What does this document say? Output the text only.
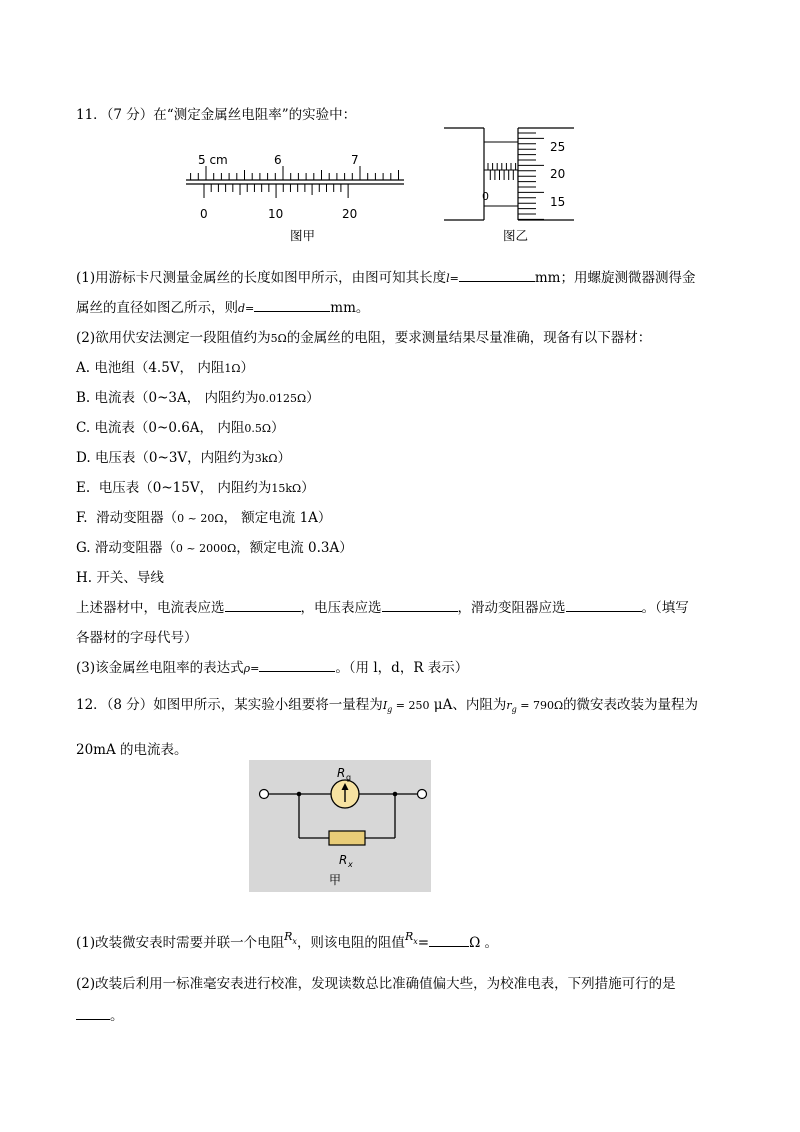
11．（7 分）在“测定金属丝电阻率”的实验中：
5 cm	6	7
0	10	20
图甲
0
25
20
15
图乙
(1)用游标卡尺测量金属丝的长度如图甲所示，由图可知其长度l=	mm；用螺旋测微器测得金
属丝的直径如图乙所示，则d=	mm。
(2)欲用伏安法测定一段阻值约为5Ω的金属丝的电阻，要求测量结果尽量准确，现备有以下器材：
A. 电池组（4.5V， 内阻1Ω）
B. 电流表（0~3A， 内阻约为0.0125Ω）
C. 电流表（0~0.6A， 内阻0.5Ω）
D. 电压表（0~3V，内阻约为3kΩ）
E.  电压表（0~15V， 内阻约为15kΩ）
F.  滑动变阻器（0 ~ 20Ω， 额定电流 1A）
G. 滑动变阻器（0 ~ 2000Ω，额定电流 0.3A）
H. 开关、导线
上述器材中，电流表应选	，电压表应选	，滑动变阻器应选	。（填写
各器材的字母代号）
(3)该金属丝电阻率的表达式ρ=	。（用 l，d，R 表示）
12．（8 分）如图甲所示，某实验小组要将一量程为$I_g = 250$ μA、内阻为$r_g = 790\Omega$的微安表改装为量程为
20mA 的电流表。
R g
R x
甲
(1)改装微安表时需要并联一个电阻$^{Rx}$，则该电阻的阻值$^{Rx}$=	Ω 。
(2)改装后利用一标准毫安表进行校准，发现读数总比准确值偏大些，为校准电表，下列措施可行的是
。
